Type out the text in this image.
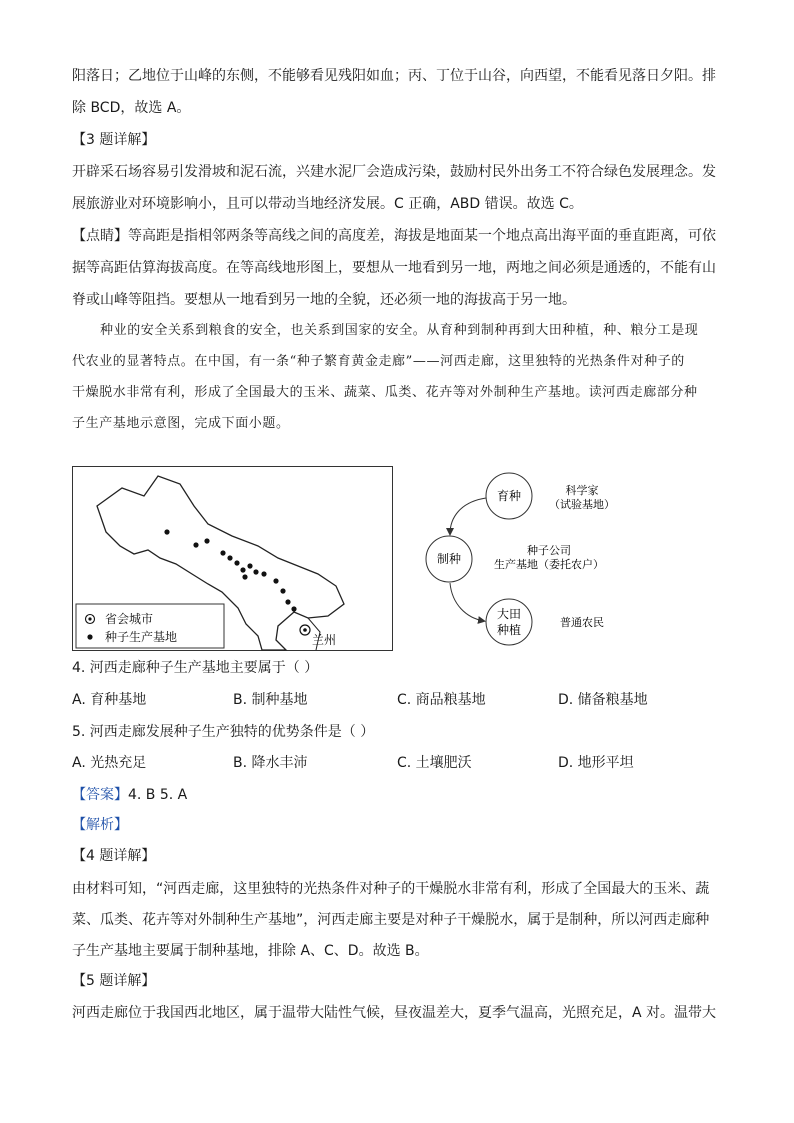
阳落日；乙地位于山峰的东侧，不能够看见残阳如血；丙、丁位于山谷，向西望，不能看见落日夕阳。排
除 BCD，故选 A。
【3 题详解】
开辟采石场容易引发滑坡和泥石流，兴建水泥厂会造成污染，鼓励村民外出务工不符合绿色发展理念。发
展旅游业对环境影响小，且可以带动当地经济发展。C 正确，ABD 错误。故选 C。
【点睛】等高距是指相邻两条等高线之间的高度差，海拔是地面某一个地点高出海平面的垂直距离，可依
据等高距估算海拔高度。在等高线地形图上，要想从一地看到另一地，两地之间必须是通透的，不能有山
脊或山峰等阻挡。要想从一地看到另一地的全貌，还必须一地的海拔高于另一地。
种业的安全关系到粮食的安全，也关系到国家的安全。从育种到制种再到大田种植，种、粮分工是现
代农业的显著特点。在中国，有一条“种子繁育黄金走廊”——河西走廊，这里独特的光热条件对种子的
干燥脱水非常有利，形成了全国最大的玉米、蔬菜、瓜类、花卉等对外制种生产基地。读河西走廊部分种
子生产基地示意图，完成下面小题。
兰州
省会城市
种子生产基地
育种
制种
大田
种植
科学家
（试验基地）
种子公司
生产基地（委托农户）
普通农民
4. 河西走廊种子生产基地主要属于（ ）
A. 育种基地	B. 制种基地	C. 商品粮基地	D. 储备粮基地
5. 河西走廊发展种子生产独特的优势条件是（ ）
A. 光热充足	B. 降水丰沛	C. 土壤肥沃	D. 地形平坦
【答案】4. B 5. A
【解析】
【4 题详解】
由材料可知，“河西走廊，这里独特的光热条件对种子的干燥脱水非常有利，形成了全国最大的玉米、蔬
菜、瓜类、花卉等对外制种生产基地”，河西走廊主要是对种子干燥脱水，属于是制种，所以河西走廊种
子生产基地主要属于制种基地，排除 A、C、D。故选 B。
【5 题详解】
河西走廊位于我国西北地区，属于温带大陆性气候，昼夜温差大，夏季气温高，光照充足，A 对。温带大
